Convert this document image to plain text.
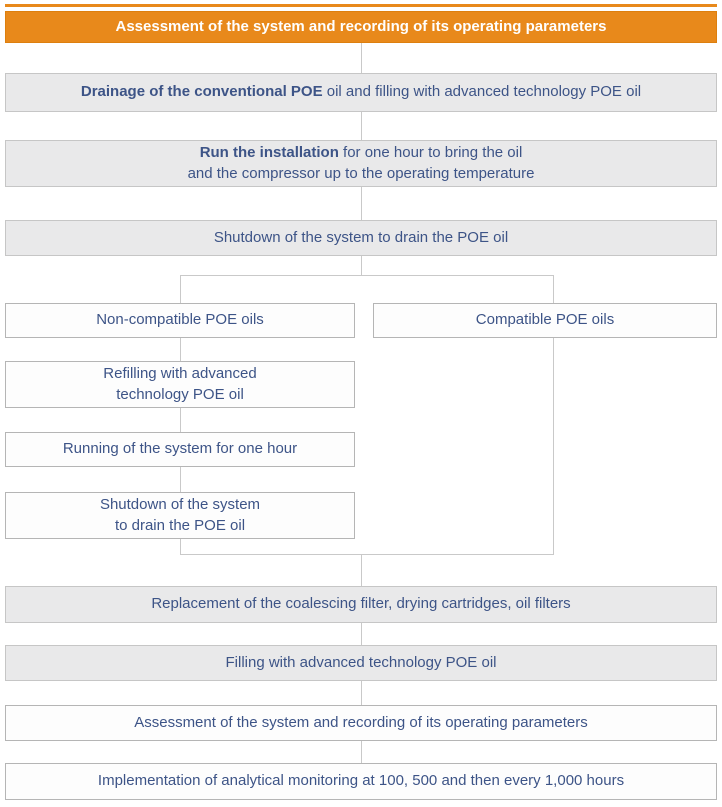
Assessment of the system and recording of its operating parameters
Drainage of the conventional POE oil and filling with advanced technology POE oil
Run the installation for one hour to bring the oil
and the compressor up to the operating temperature
Shutdown of the system to drain the POE oil
Non-compatible POE oils	Compatible POE oils
Refilling with advanced
technology POE oil
Running of the system for one hour
Shutdown of the system
to drain the POE oil
Replacement of the coalescing filter, drying cartridges, oil filters
Filling with advanced technology POE oil
Assessment of the system and recording of its operating parameters
Implementation of analytical monitoring at 100, 500 and then every 1,000 hours
